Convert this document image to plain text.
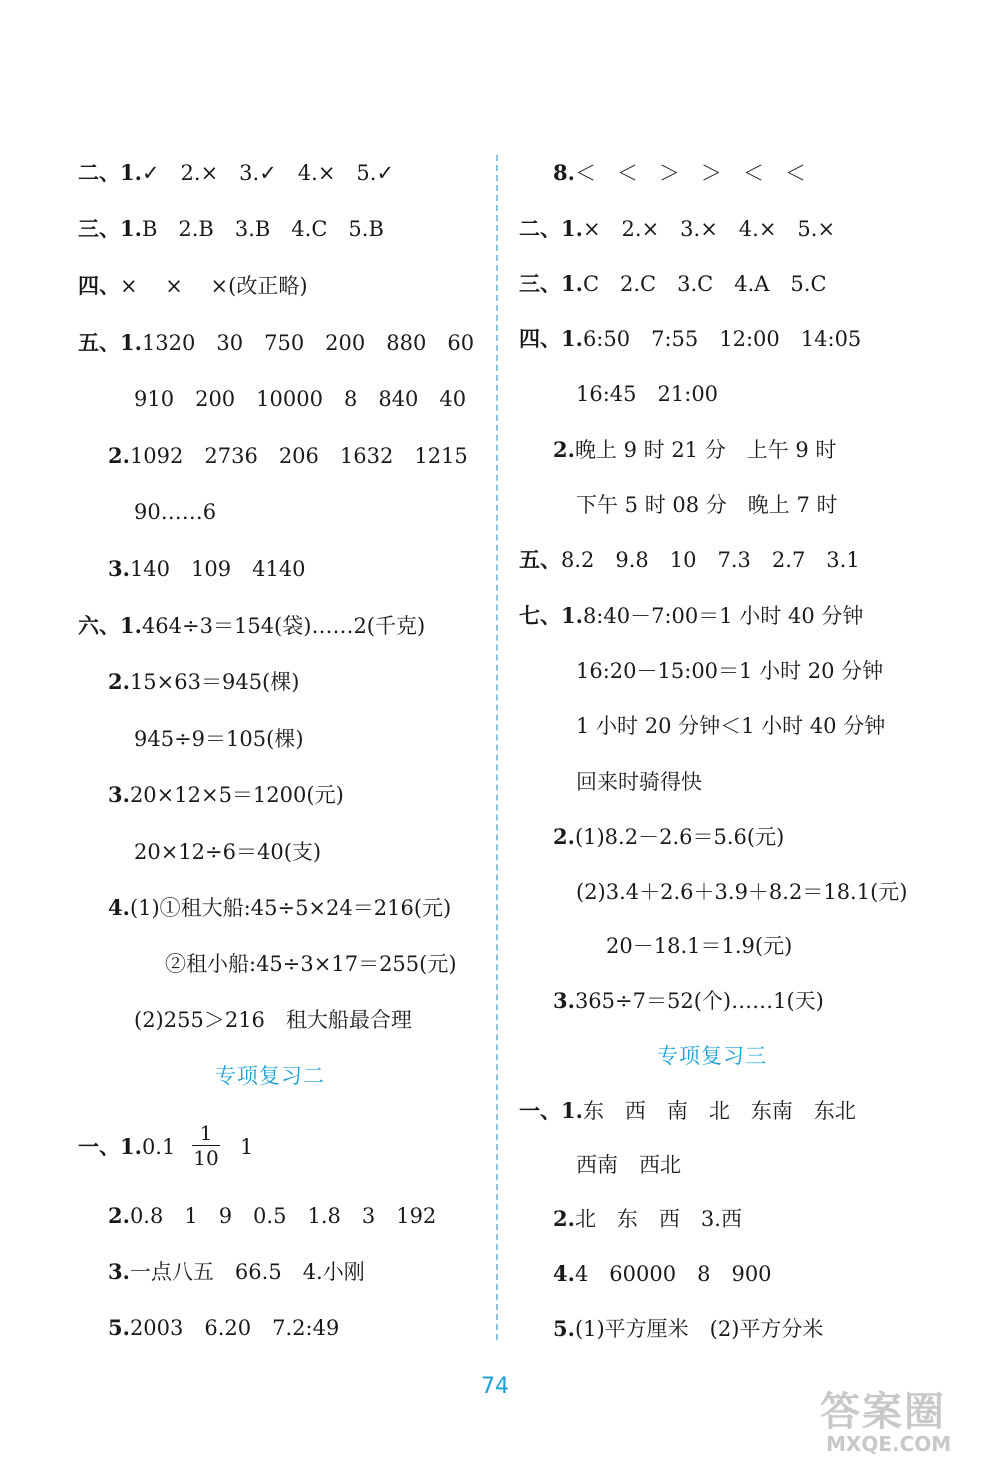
二、1.✓　2.×　3.✓　4.×　5.✓
三、1.B　2.B　3.B　4.C　5.B
四、×　 ×　 ×(改正略)
五、1.1320　30　750　200　880　60
910　200　10000　8　840　40
2.1092　2736　206　1632　1215
90……6
3.140　109　4140
六、1.464÷3＝154(袋)……2(千克)
2.15×63＝945(棵)
945÷9＝105(棵)
3.20×12×5＝1200(元)
20×12÷6＝40(支)
4.(1)①租大船:45÷5×24＝216(元)
②租小船:45÷3×17＝255(元)
(2)255＞216　租大船最合理
专项复习二
一、$1.0.1 \frac{1}{10} 1$
2.0.8　1　9　0.5　1.8　3　192
3.一点八五　66.5　4.小刚
5.2003　6.20　7.2:49
8.＜　＜　＞　＞　＜　＜
二、1.×　2.×　3.×　4.×　5.×
三、1.C　2.C　3.C　4.A　5.C
四、1.6:50　7:55　12:00　14:05
16:45　21:00
2.晚上 9 时 21 分　上午 9 时
下午 5 时 08 分　晚上 7 时
五、8.2　9.8　10　7.3　2.7　3.1
七、1.8:40－7:00＝1 小时 40 分钟
16:20－15:00＝1 小时 20 分钟
1 小时 20 分钟＜1 小时 40 分钟
回来时骑得快
2.(1)8.2－2.6＝5.6(元)
(2)3.4＋2.6＋3.9＋8.2＝18.1(元)
20－18.1＝1.9(元)
3.365÷7＝52(个)……1(天)
专项复习三
一、1.东　西　南　北　东南　东北
西南　西北
2.北　东　西　3.西
4.4　60000　8　900
5.(1)平方厘米　(2)平方分米
74
答案圈
MXQE.COM
